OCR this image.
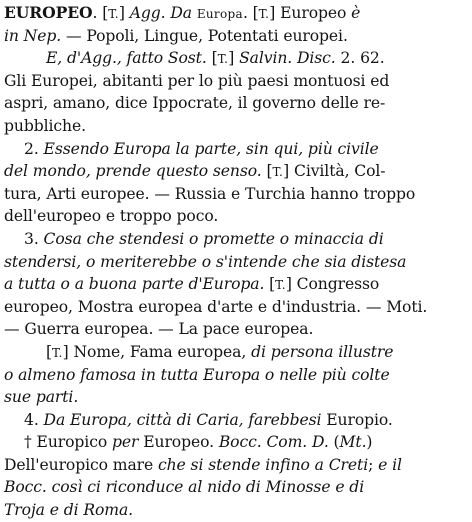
EUROPEO. [T.] Agg. Da Europa. [T.] Europeo è
in Nep. — Popoli, Lingue, Potentati europei.
E, d'Agg., fatto Sost. [T.] Salvin. Disc. 2. 62.
Gli Europei, abitanti per lo più paesi montuosi ed
aspri, amano, dice Ippocrate, il governo delle re-
pubbliche.
2. Essendo Europa la parte, sin qui, più civile
del mondo, prende questo senso. [T.] Civiltà, Col-
tura, Arti europee. — Russia e Turchia hanno troppo
dell'europeo e troppo poco.
3. Cosa che stendesi o promette o minaccia di
stendersi, o meriterebbe o s'intende che sia distesa
a tutta o a buona parte d'Europa. [T.] Congresso
europeo, Mostra europea d'arte e d'industria. — Moti.
— Guerra europea. — La pace europea.
[T.] Nome, Fama europea, di persona illustre
o almeno famosa in tutta Europa o nelle più colte
sue parti.
4. Da Europa, città di Caria, farebbesi Europio.
† Europico per Europeo. Bocc. Com. D. (Mt.)
Dell'europico mare che si stende infino a Creti; e il
Bocc. così ci riconduce al nido di Minosse e di
Troja e di Roma.
